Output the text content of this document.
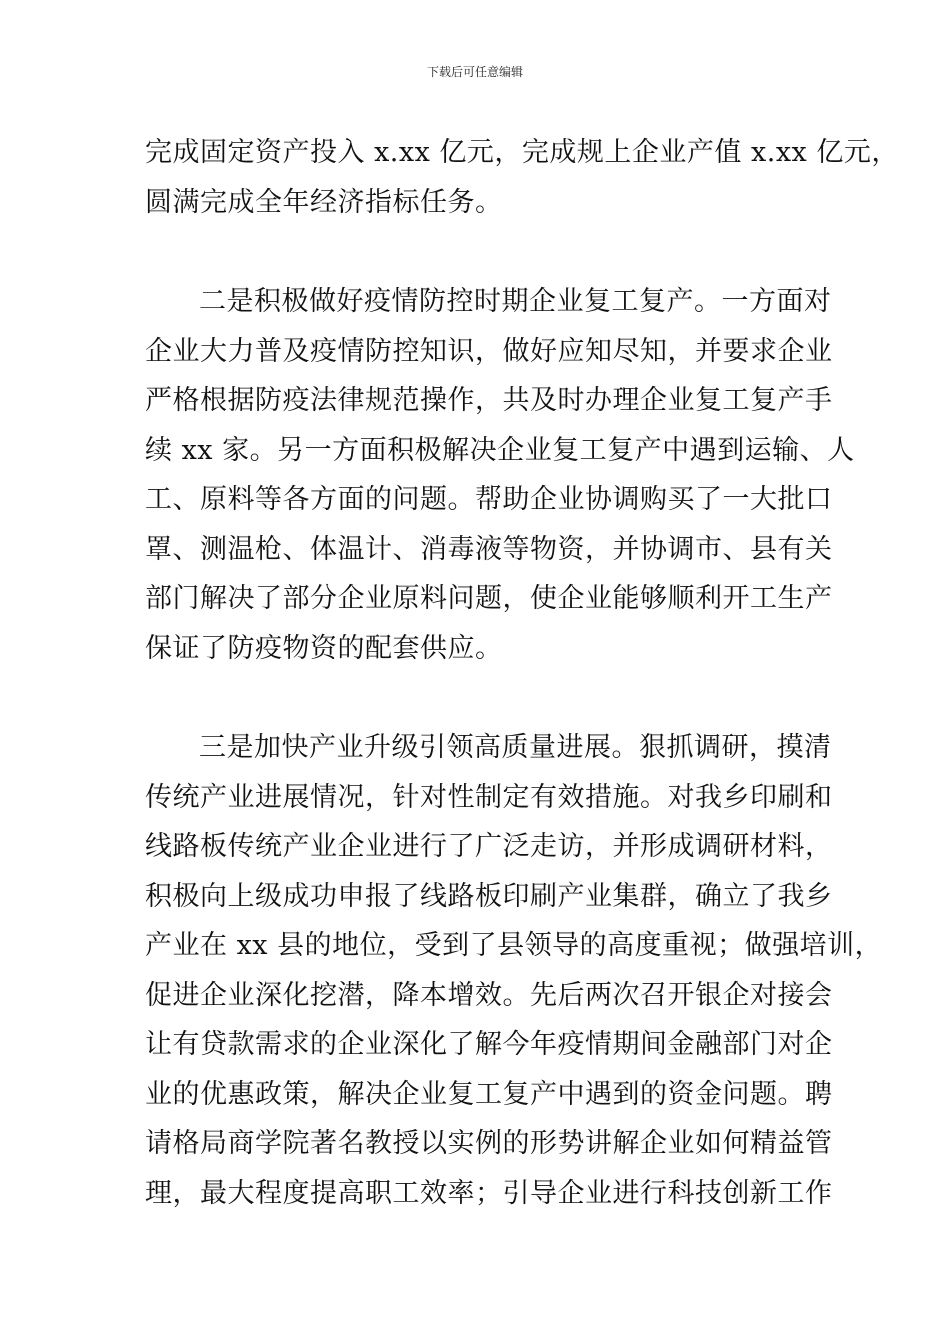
下载后可任意编辑

完成固定资产投入 x.xx 亿元，完成规上企业产值 x.xx 亿元，
圆满完成全年经济指标任务。

二是积极做好疫情防控时期企业复工复产。一方面对
企业大力普及疫情防控知识，做好应知尽知，并要求企业
严格根据防疫法律规范操作，共及时办理企业复工复产手
续 xx 家。另一方面积极解决企业复工复产中遇到运输、人
工、原料等各方面的问题。帮助企业协调购买了一大批口
罩、测温枪、体温计、消毒液等物资，并协调市、县有关
部门解决了部分企业原料问题，使企业能够顺利开工生产
保证了防疫物资的配套供应。

三是加快产业升级引领高质量进展。狠抓调研，摸清
传统产业进展情况，针对性制定有效措施。对我乡印刷和
线路板传统产业企业进行了广泛走访，并形成调研材料，
积极向上级成功申报了线路板印刷产业集群，确立了我乡
产业在 xx 县的地位，受到了县领导的高度重视；做强培训，
促进企业深化挖潜，降本增效。先后两次召开银企对接会
让有贷款需求的企业深化了解今年疫情期间金融部门对企
业的优惠政策，解决企业复工复产中遇到的资金问题。聘
请格局商学院著名教授以实例的形势讲解企业如何精益管
理，最大程度提高职工效率；引导企业进行科技创新工作
